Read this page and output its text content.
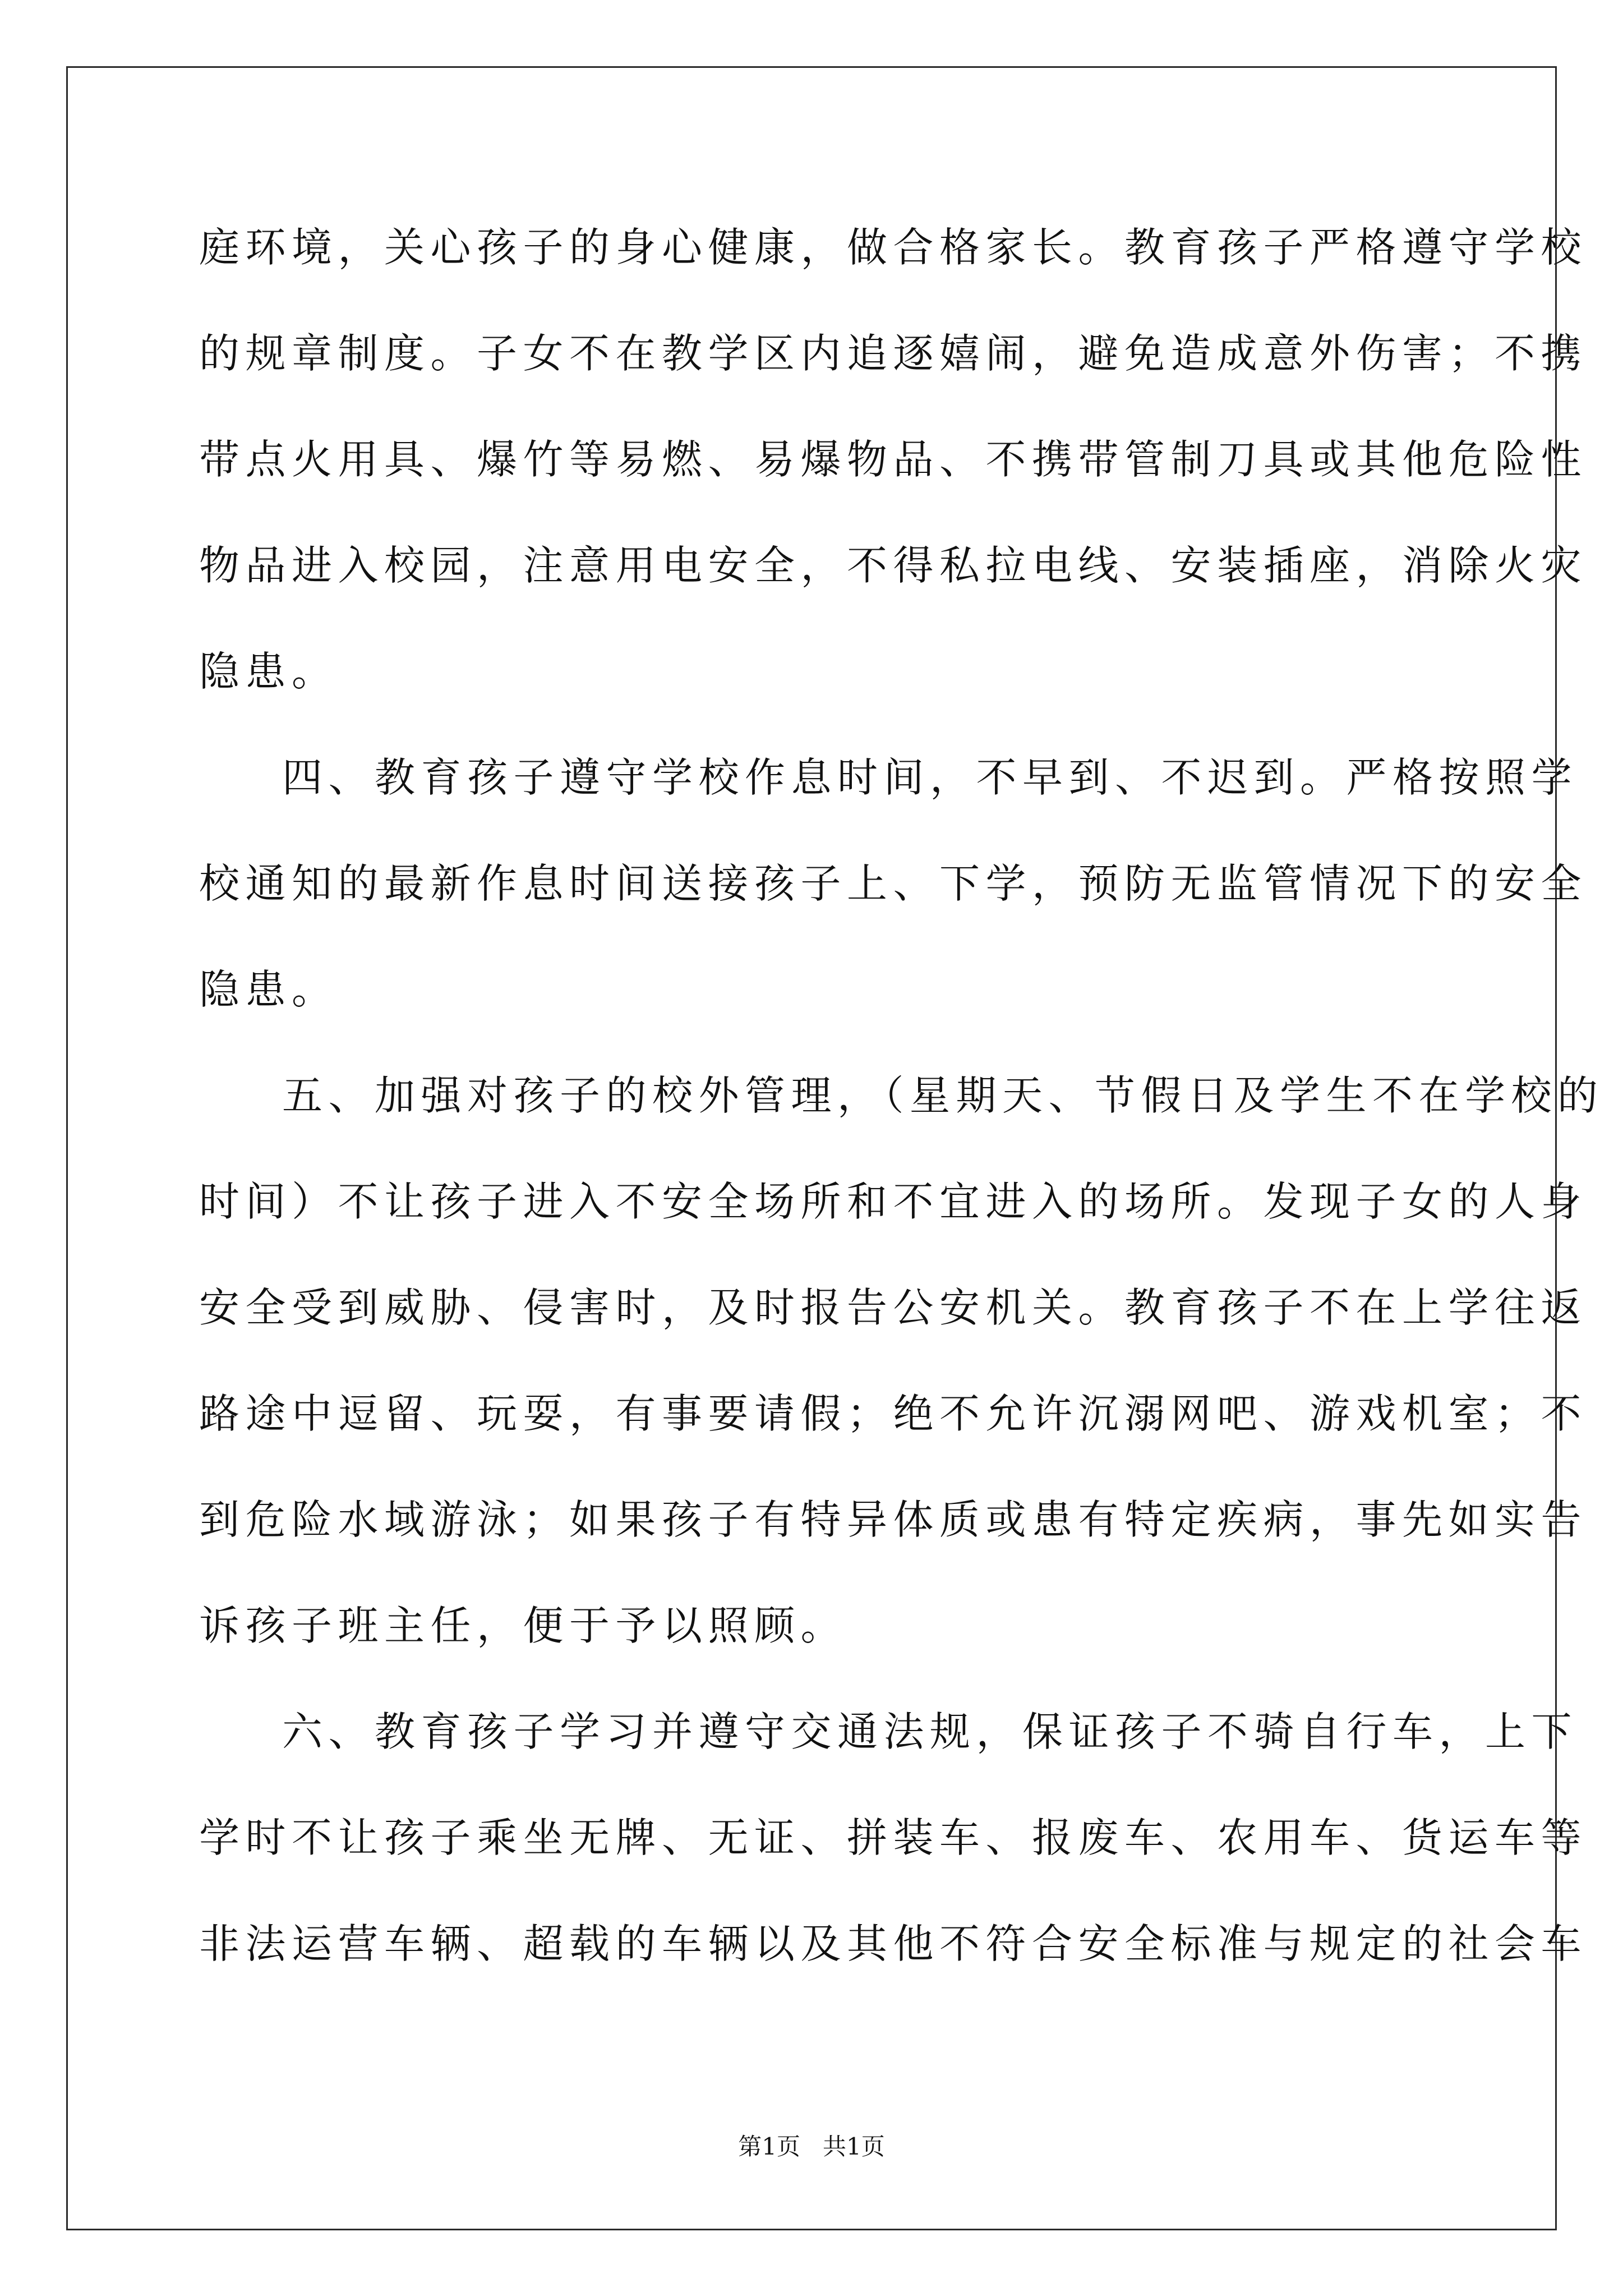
庭环境，关心孩子的身心健康，做合格家长。教育孩子严格遵守学校

的规章制度。子女不在教学区内追逐嬉闹，避免造成意外伤害；不携

带点火用具、爆竹等易燃、易爆物品、不携带管制刀具或其他危险性

物品进入校园，注意用电安全，不得私拉电线、安装插座，消除火灾

隐患。

四、教育孩子遵守学校作息时间，不早到、不迟到。严格按照学

校通知的最新作息时间送接孩子上、下学，预防无监管情况下的安全

隐患。

五、加强对孩子的校外管理，（星期天、节假日及学生不在学校的

时间）不让孩子进入不安全场所和不宜进入的场所。发现子女的人身

安全受到威胁、侵害时，及时报告公安机关。教育孩子不在上学往返

路途中逗留、玩耍，有事要请假；绝不允许沉溺网吧、游戏机室；不

到危险水域游泳；如果孩子有特异体质或患有特定疾病，事先如实告

诉孩子班主任，便于予以照顾。

六、教育孩子学习并遵守交通法规，保证孩子不骑自行车，上下

学时不让孩子乘坐无牌、无证、拼装车、报废车、农用车、货运车等

非法运营车辆、超载的车辆以及其他不符合安全标准与规定的社会车

第1页   共1页
